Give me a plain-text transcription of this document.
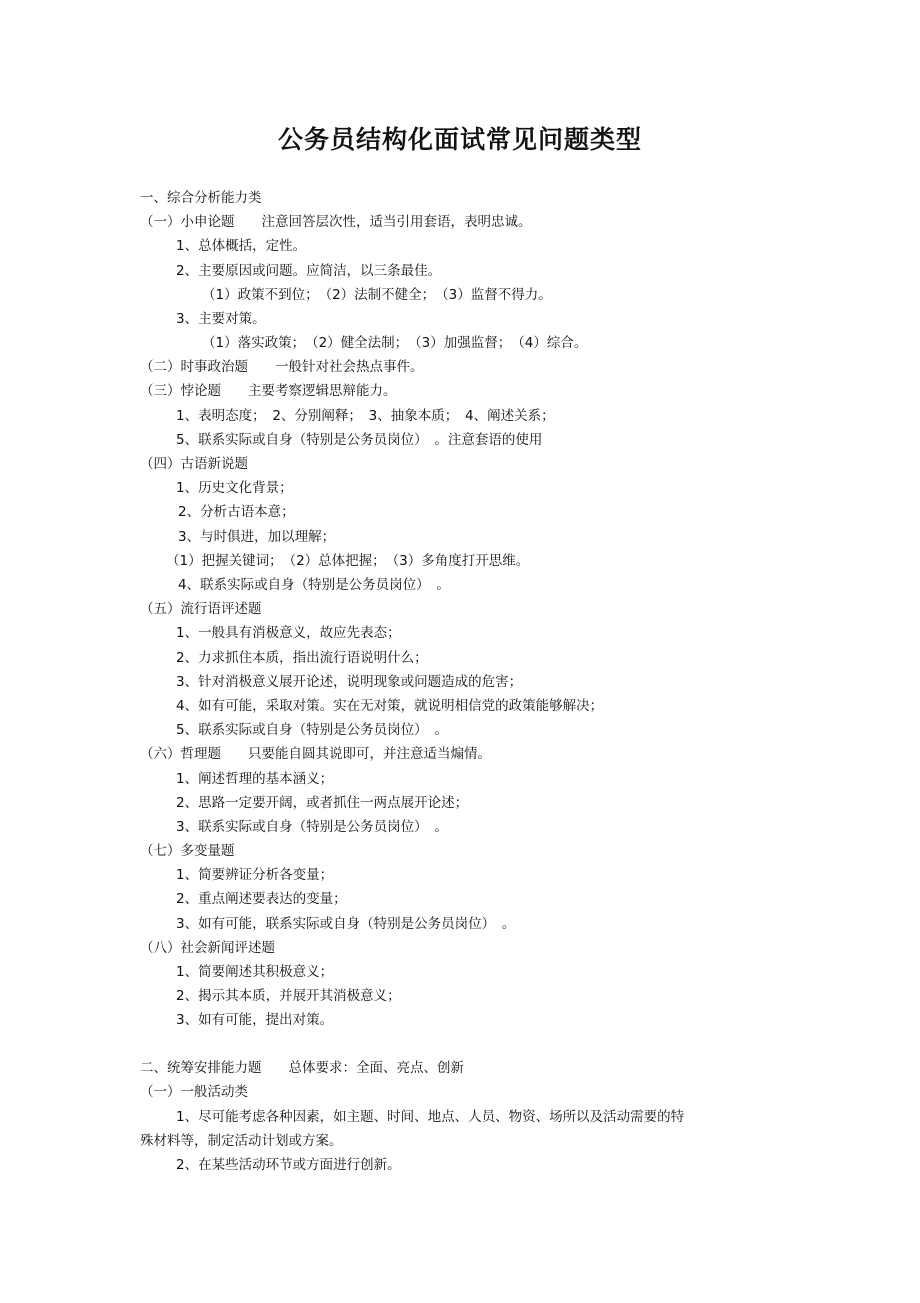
公务员结构化面试常见问题类型
一、综合分析能力类
（一）小申论题　　注意回答层次性，适当引用套语，表明忠诚。
1、总体概括，定性。
2、主要原因或问题。应简洁，以三条最佳。
（1）政策不到位；　（2）法制不健全；　（3）监督不得力。
3、主要对策。
（1）落实政策；　（2）健全法制；　（3）加强监督；　（4）综合。
（二）时事政治题　　一般针对社会热点事件。
（三）悖论题　　主要考察逻辑思辩能力。
1、表明态度；　2、分别阐释；　3、抽象本质；　4、阐述关系；
5、联系实际或自身（特别是公务员岗位）　。注意套语的使用
（四）古语新说题
1、历史文化背景；
2、分析古语本意；
3、与时俱进，加以理解；
（1）把握关键词；　（2）总体把握；　（3）多角度打开思维。
4、联系实际或自身（特别是公务员岗位）　。
（五）流行语评述题
1、一般具有消极意义，故应先表态；
2、力求抓住本质，指出流行语说明什么；
3、针对消极意义展开论述，说明现象或问题造成的危害；
4、如有可能，采取对策。实在无对策，就说明相信党的政策能够解决；
5、联系实际或自身（特别是公务员岗位）　。
（六）哲理题　　只要能自圆其说即可，并注意适当煽情。
1、阐述哲理的基本涵义；
2、思路一定要开阔，或者抓住一两点展开论述；
3、联系实际或自身（特别是公务员岗位）　。
（七）多变量题
1、简要辨证分析各变量；
2、重点阐述要表达的变量；
3、如有可能，联系实际或自身（特别是公务员岗位）　。
（八）社会新闻评述题
1、简要阐述其积极意义；
2、揭示其本质，并展开其消极意义；
3、如有可能，提出对策。
二、统筹安排能力题　　总体要求：全面、亮点、创新
（一）一般活动类
1、尽可能考虑各种因素，如主题、时间、地点、人员、物资、场所以及活动需要的特
殊材料等，制定活动计划或方案。
2、在某些活动环节或方面进行创新。
